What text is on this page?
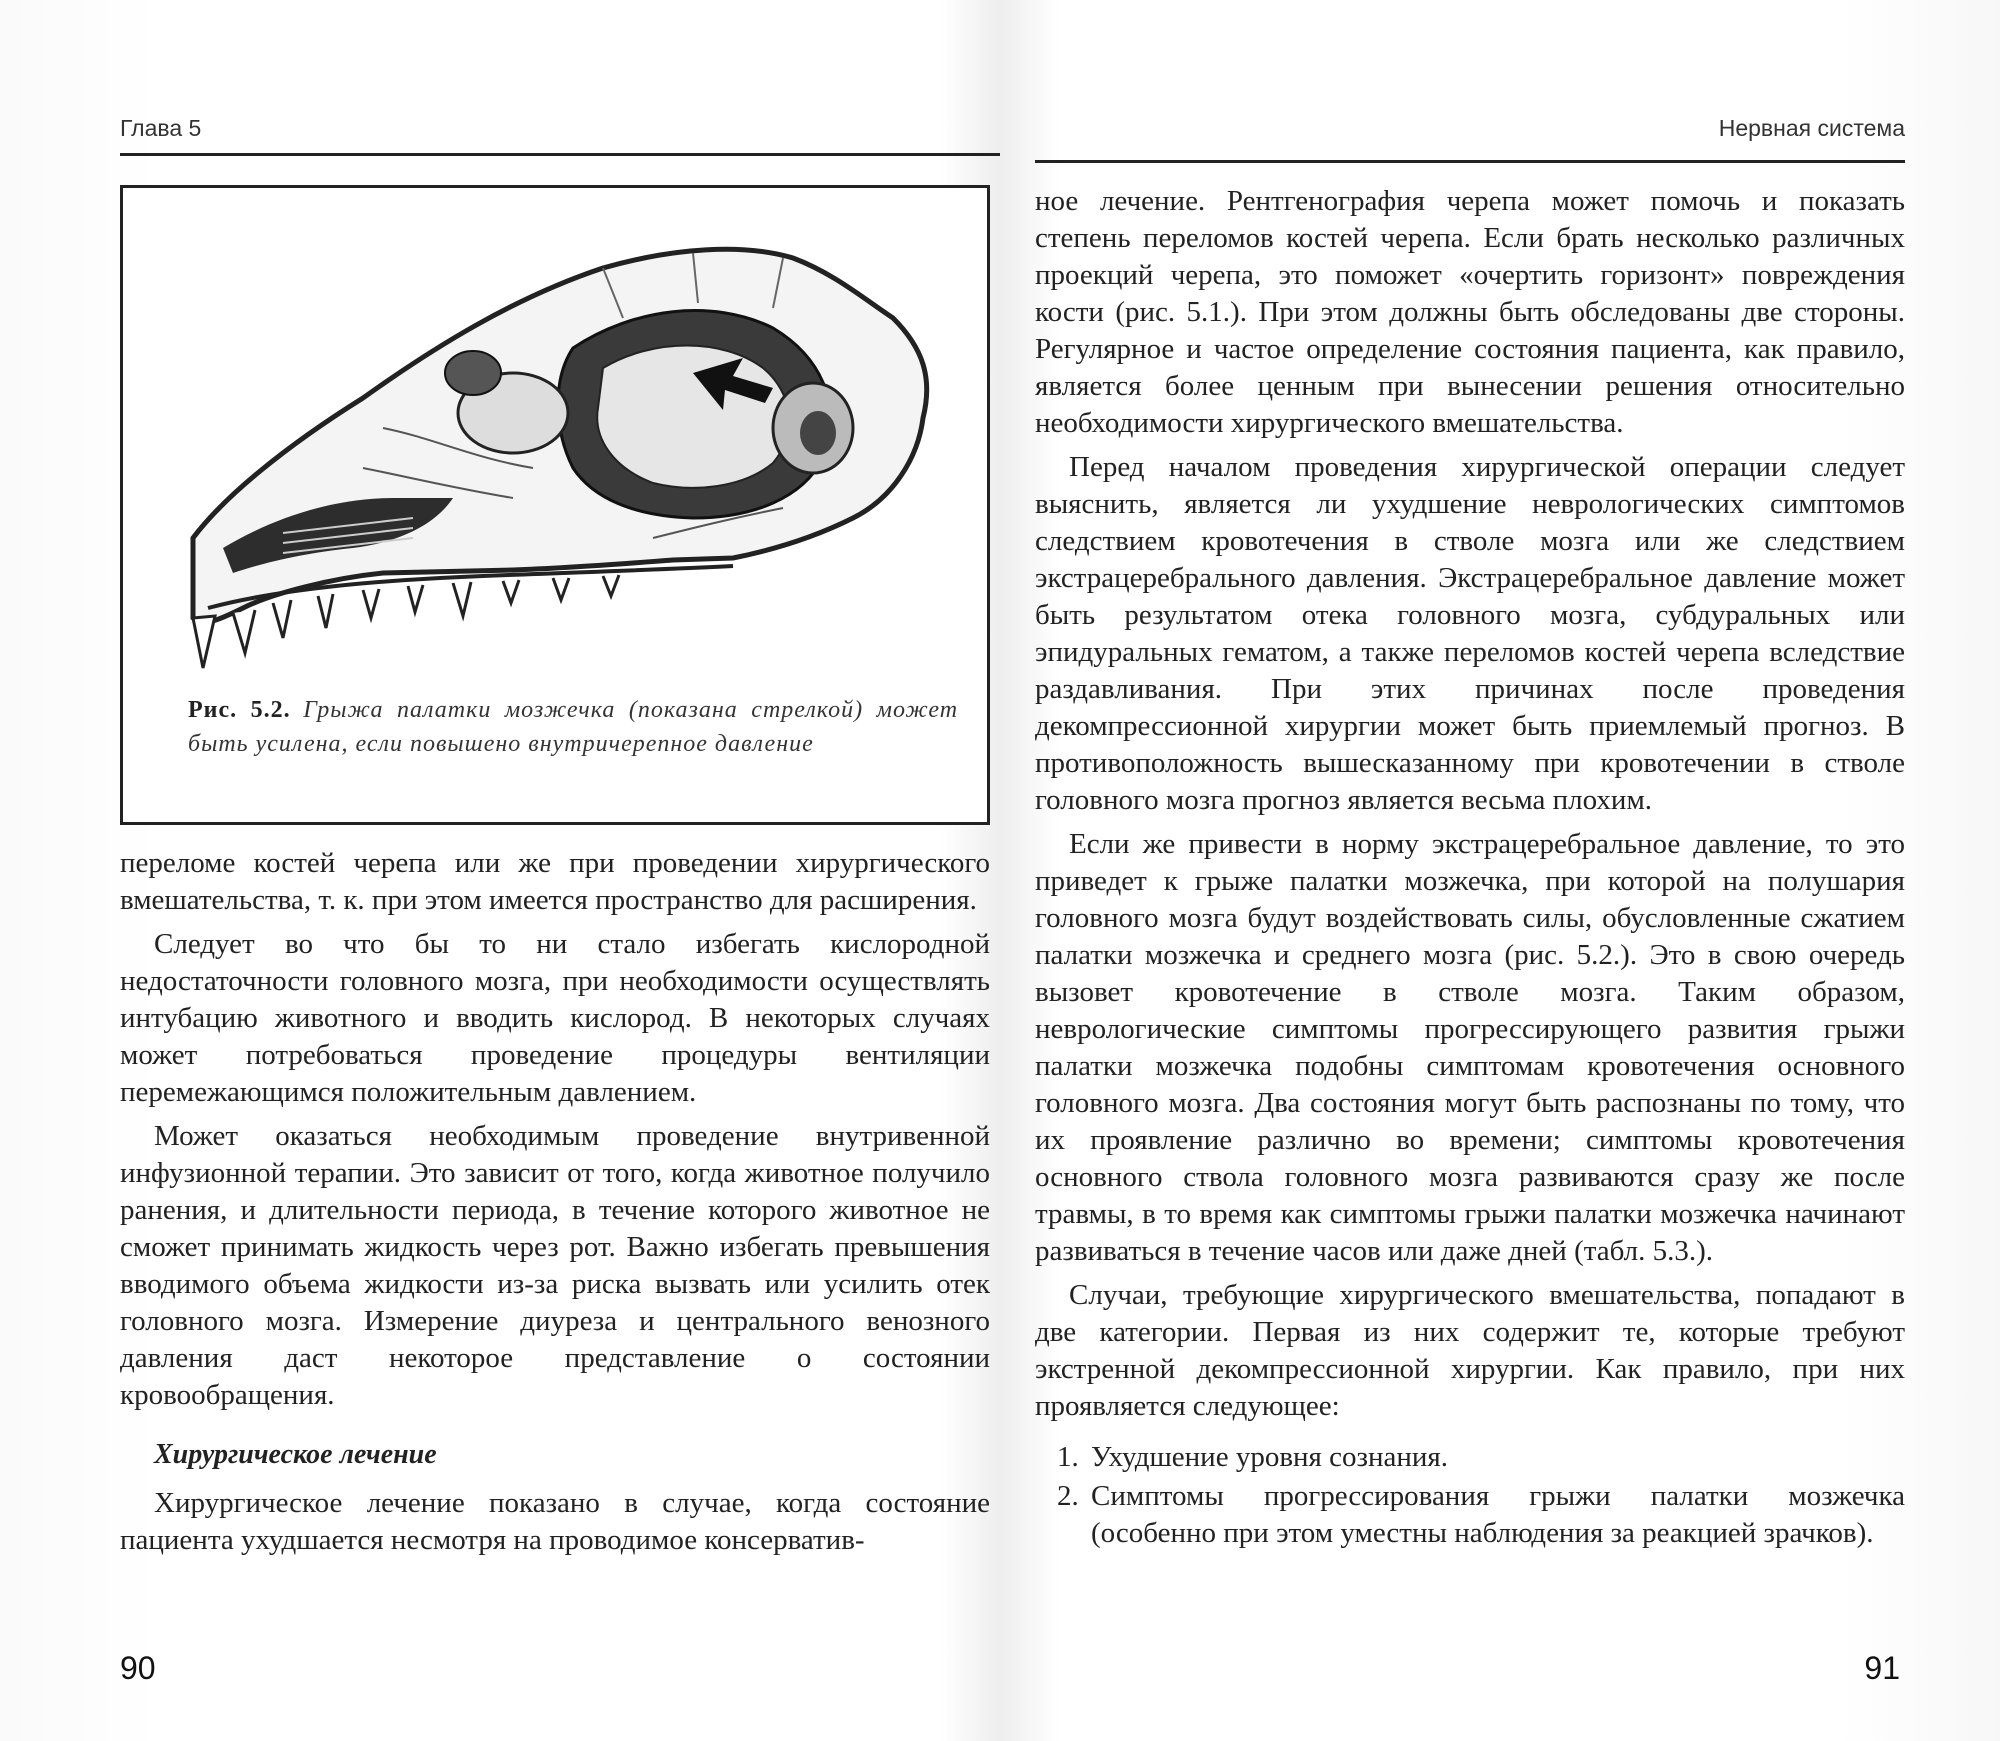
Глава 5	Нервная система
Рис. 5.2. Грыжа палатки мозжечка (показана стрелкой) может быть усилена, если повышено внутричерепное давление

переломе костей черепа или же при проведении хирургического вмешательства, т. к. при этом имеется пространство для расширения.

Следует во что бы то ни стало избегать кислородной недостаточности головного мозга, при необходимости осуществлять интубацию животного и вводить кислород. В некоторых случаях может потребоваться проведение процедуры вентиляции перемежающимся положительным давлением.

Может оказаться необходимым проведение внутривенной инфузионной терапии. Это зависит от того, когда животное получило ранения, и длительности периода, в течение которого животное не сможет принимать жидкость через рот. Важно избегать превышения вводимого объема жидкости из-за риска вызвать или усилить отек головного мозга. Измерение диуреза и центрального венозного давления даст некоторое представление о состоянии кровообращения.

Хирургическое лечение

Хирургическое лечение показано в случае, когда состояние пациента ухудшается несмотря на проводимое консерватив-

ное лечение. Рентгенография черепа может помочь и показать степень переломов костей черепа. Если брать несколько различных проекций черепа, это поможет «очертить горизонт» повреждения кости (рис. 5.1.). При этом должны быть обследованы две стороны. Регулярное и частое определение состояния пациента, как правило, является более ценным при вынесении решения относительно необходимости хирургического вмешательства.

Перед началом проведения хирургической операции следует выяснить, является ли ухудшение неврологических симптомов следствием кровотечения в стволе мозга или же следствием экстрацеребрального давления. Экстрацеребральное давление может быть результатом отека головного мозга, субдуральных или эпидуральных гематом, а также переломов костей черепа вследствие раздавливания. При этих причинах после проведения декомпрессионной хирургии может быть приемлемый прогноз. В противоположность вышесказанному при кровотечении в стволе головного мозга прогноз является весьма плохим.

Если же привести в норму экстрацеребральное давление, то это приведет к грыже палатки мозжечка, при которой на полушария головного мозга будут воздействовать силы, обусловленные сжатием палатки мозжечка и среднего мозга (рис. 5.2.). Это в свою очередь вызовет кровотечение в стволе мозга. Таким образом, неврологические симптомы прогрессирующего развития грыжи палатки мозжечка подобны симптомам кровотечения основного головного мозга. Два состояния могут быть распознаны по тому, что их проявление различно во времени; симптомы кровотечения основного ствола головного мозга развиваются сразу же после травмы, в то время как симптомы грыжи палатки мозжечка начинают развиваться в течение часов или даже дней (табл. 5.3.).

Случаи, требующие хирургического вмешательства, попадают в две категории. Первая из них содержит те, которые требуют экстренной декомпрессионной хирургии. Как правило, при них проявляется следующее:

1. Ухудшение уровня сознания.
2. Симптомы прогрессирования грыжи палатки мозжечка (особенно при этом уместны наблюдения за реакцией зрачков).
90	91
